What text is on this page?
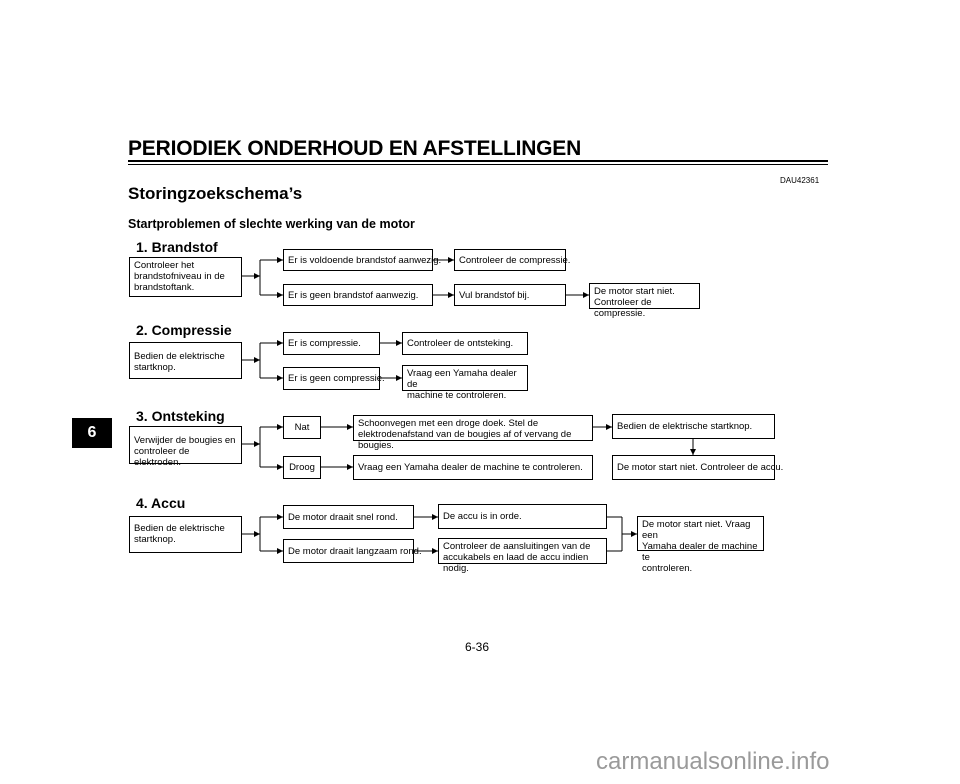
PERIODIEK ONDERHOUD EN AFSTELLINGEN
DAU42361
Storingzoekschema’s
Startproblemen of slechte werking van de motor
6
1. Brandstof
Controleer het
brandstofniveau in de
brandstoftank.
Er is voldoende brandstof aanwezig.	Controleer de compressie.
Er is geen brandstof aanwezig.	Vul brandstof bij.	De motor start niet.
Controleer de compressie.
2. Compressie
Bedien de elektrische
startknop.
Er is compressie.	Controleer de ontsteking.
Er is geen compressie.	Vraag een Yamaha dealer de
machine te controleren.
3. Ontsteking
Verwijder de bougies en
controleer de elektroden.
Nat	Schoonvegen met een droge doek. Stel de
elektrodenafstand van de bougies af of vervang de bougies.
Bedien de elektrische startknop.
Droog	Vraag een Yamaha dealer de machine te controleren.	De motor start niet. Controleer de accu.
4. Accu
Bedien de elektrische
startknop.
De motor draait snel rond.	De accu is in orde.
De motor draait langzaam rond.	Controleer de aansluitingen van de
accukabels en laad de accu indien nodig.
De motor start niet. Vraag een
Yamaha dealer de machine te
controleren.
6-36
carmanualsonline.info
